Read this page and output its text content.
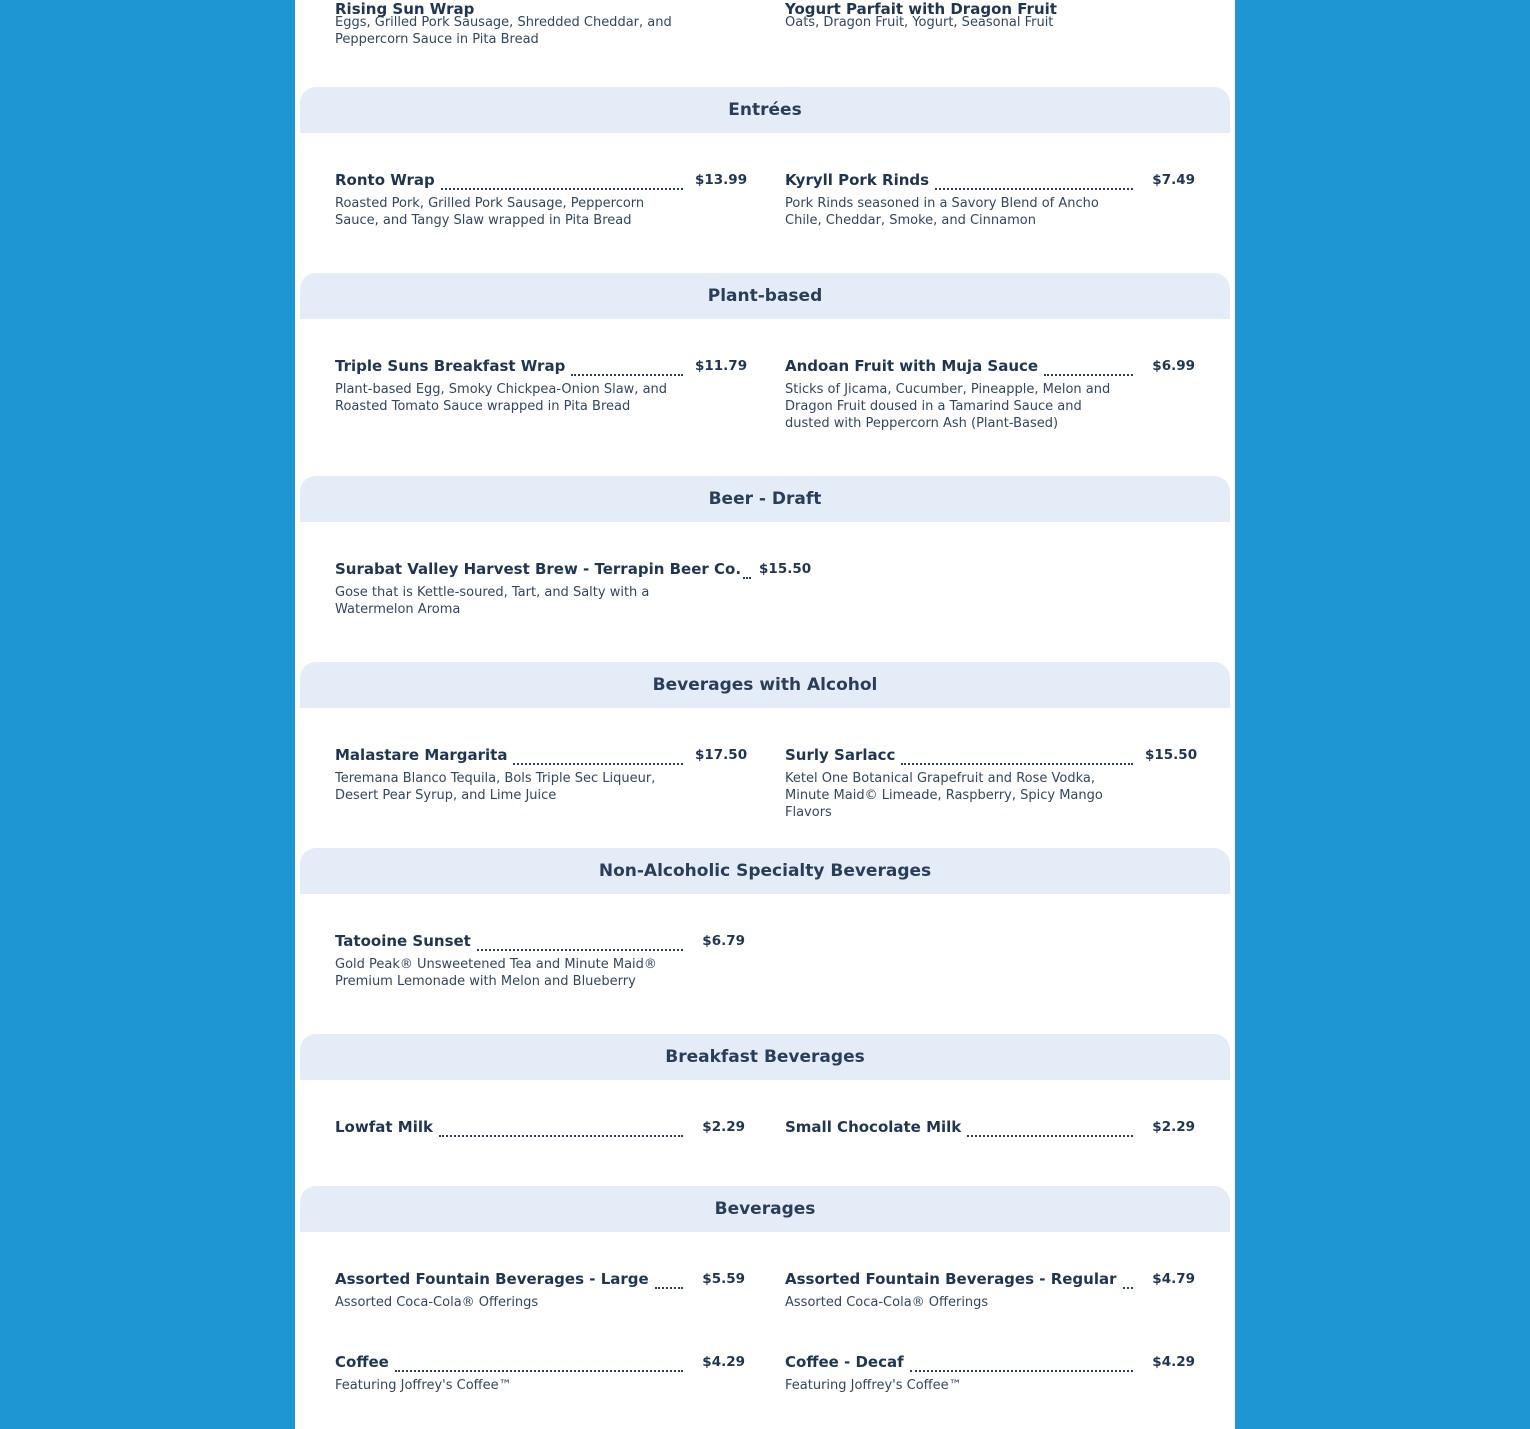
Rising Sun Wrap
Eggs, Grilled Pork Sausage, Shredded Cheddar, and Peppercorn Sauce in Pita Bread
Yogurt Parfait with Dragon Fruit
Oats, Dragon Fruit, Yogurt, Seasonal Fruit
Entrées
Ronto Wrap	$13.99
Roasted Pork, Grilled Pork Sausage, Peppercorn Sauce, and Tangy Slaw wrapped in Pita Bread
Kyryll Pork Rinds	$7.49
Pork Rinds seasoned in a Savory Blend of Ancho Chile, Cheddar, Smoke, and Cinnamon
Plant-based
Triple Suns Breakfast Wrap	$11.79
Plant-based Egg, Smoky Chickpea-Onion Slaw, and Roasted Tomato Sauce wrapped in Pita Bread
Andoan Fruit with Muja Sauce	$6.99
Sticks of Jicama, Cucumber, Pineapple, Melon and Dragon Fruit doused in a Tamarind Sauce and dusted with Peppercorn Ash (Plant-Based)
Beer - Draft
Surabat Valley Harvest Brew - Terrapin Beer Co. $15.50
Gose that is Kettle-soured, Tart, and Salty with a Watermelon Aroma
Beverages with Alcohol
Malastare Margarita	$17.50
Teremana Blanco Tequila, Bols Triple Sec Liqueur, Desert Pear Syrup, and Lime Juice
Surly Sarlacc	$15.50
Ketel One Botanical Grapefruit and Rose Vodka, Minute Maid© Limeade, Raspberry, Spicy Mango Flavors
Non-Alcoholic Specialty Beverages
Tatooine Sunset	$6.79
Gold Peak® Unsweetened Tea and Minute Maid® Premium Lemonade with Melon and Blueberry
Breakfast Beverages
Lowfat Milk	$2.29	Small Chocolate Milk	$2.29
Beverages
Assorted Fountain Beverages - Large	$5.59
Assorted Coca-Cola® Offerings
Assorted Fountain Beverages - Regular	$4.79
Assorted Coca-Cola® Offerings
Coffee	$4.29
Featuring Joffrey's Coffee™
Coffee - Decaf	$4.29
Featuring Joffrey's Coffee™
